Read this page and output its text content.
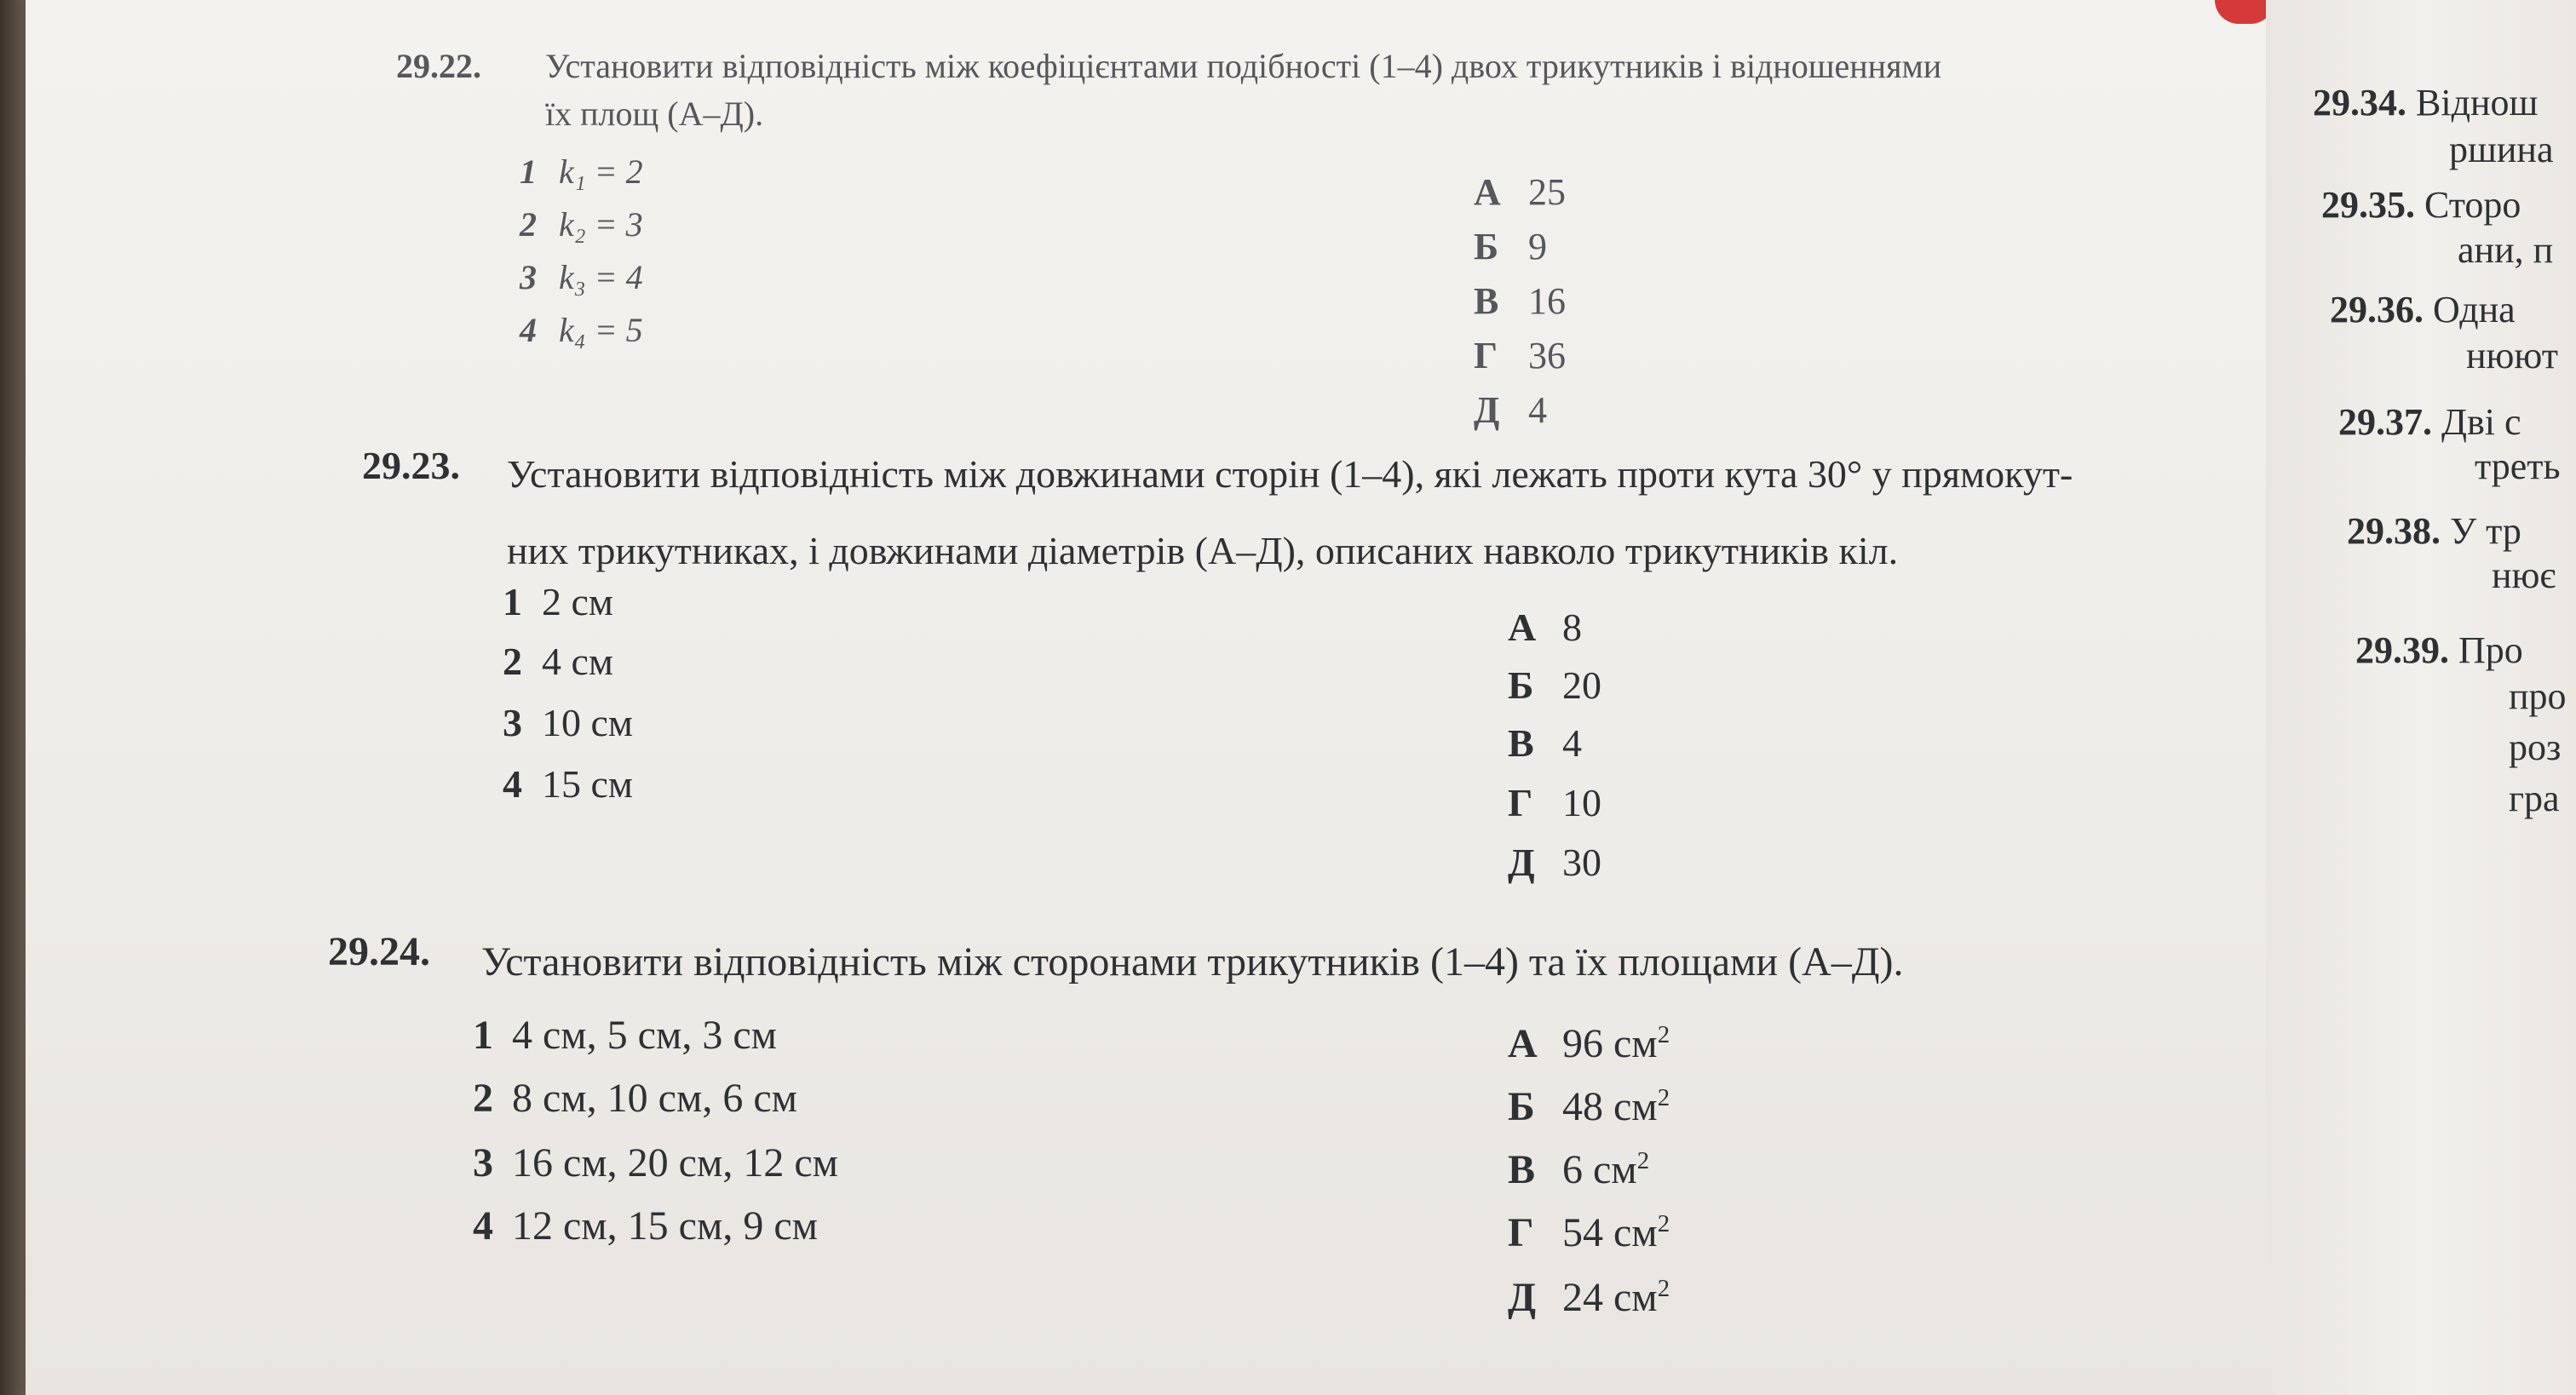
29.22. Установити відповідність між коефіцієнтами подібності (1–4) двох трикутників і відношеннями
їх площ (А–Д).
1 k₁ = 2
2 k₂ = 3
3 k₃ = 4
4 k₄ = 5
А 25
Б 9
В 16
Г 36
Д 4
29.23. Установити відповідність між довжинами сторін (1–4), які лежать проти кута 30° у прямокут-
них трикутниках, і довжинами діаметрів (А–Д), описаних навколо трикутників кіл.
1 2 см
2 4 см
3 10 см
4 15 см
А 8
Б 20
В 4
Г 10
Д 30
29.24. Установити відповідність між сторонами трикутників (1–4) та їх площами (А–Д).
1 4 см, 5 см, 3 см
2 8 см, 10 см, 6 см
3 16 см, 20 см, 12 см
4 12 см, 15 см, 9 см
А 96 $см^2$
Б 48 $см^2$
В 6 $см^2$
Г 54 $см^2$
Д 24 $см^2$
29.34. Віднош
ршина
29.35. Сторо
ани, п
29.36. Одна
нюют
29.37. Дві с
треть
29.38. У тр
нює
29.39. Про
про
роз
гра
